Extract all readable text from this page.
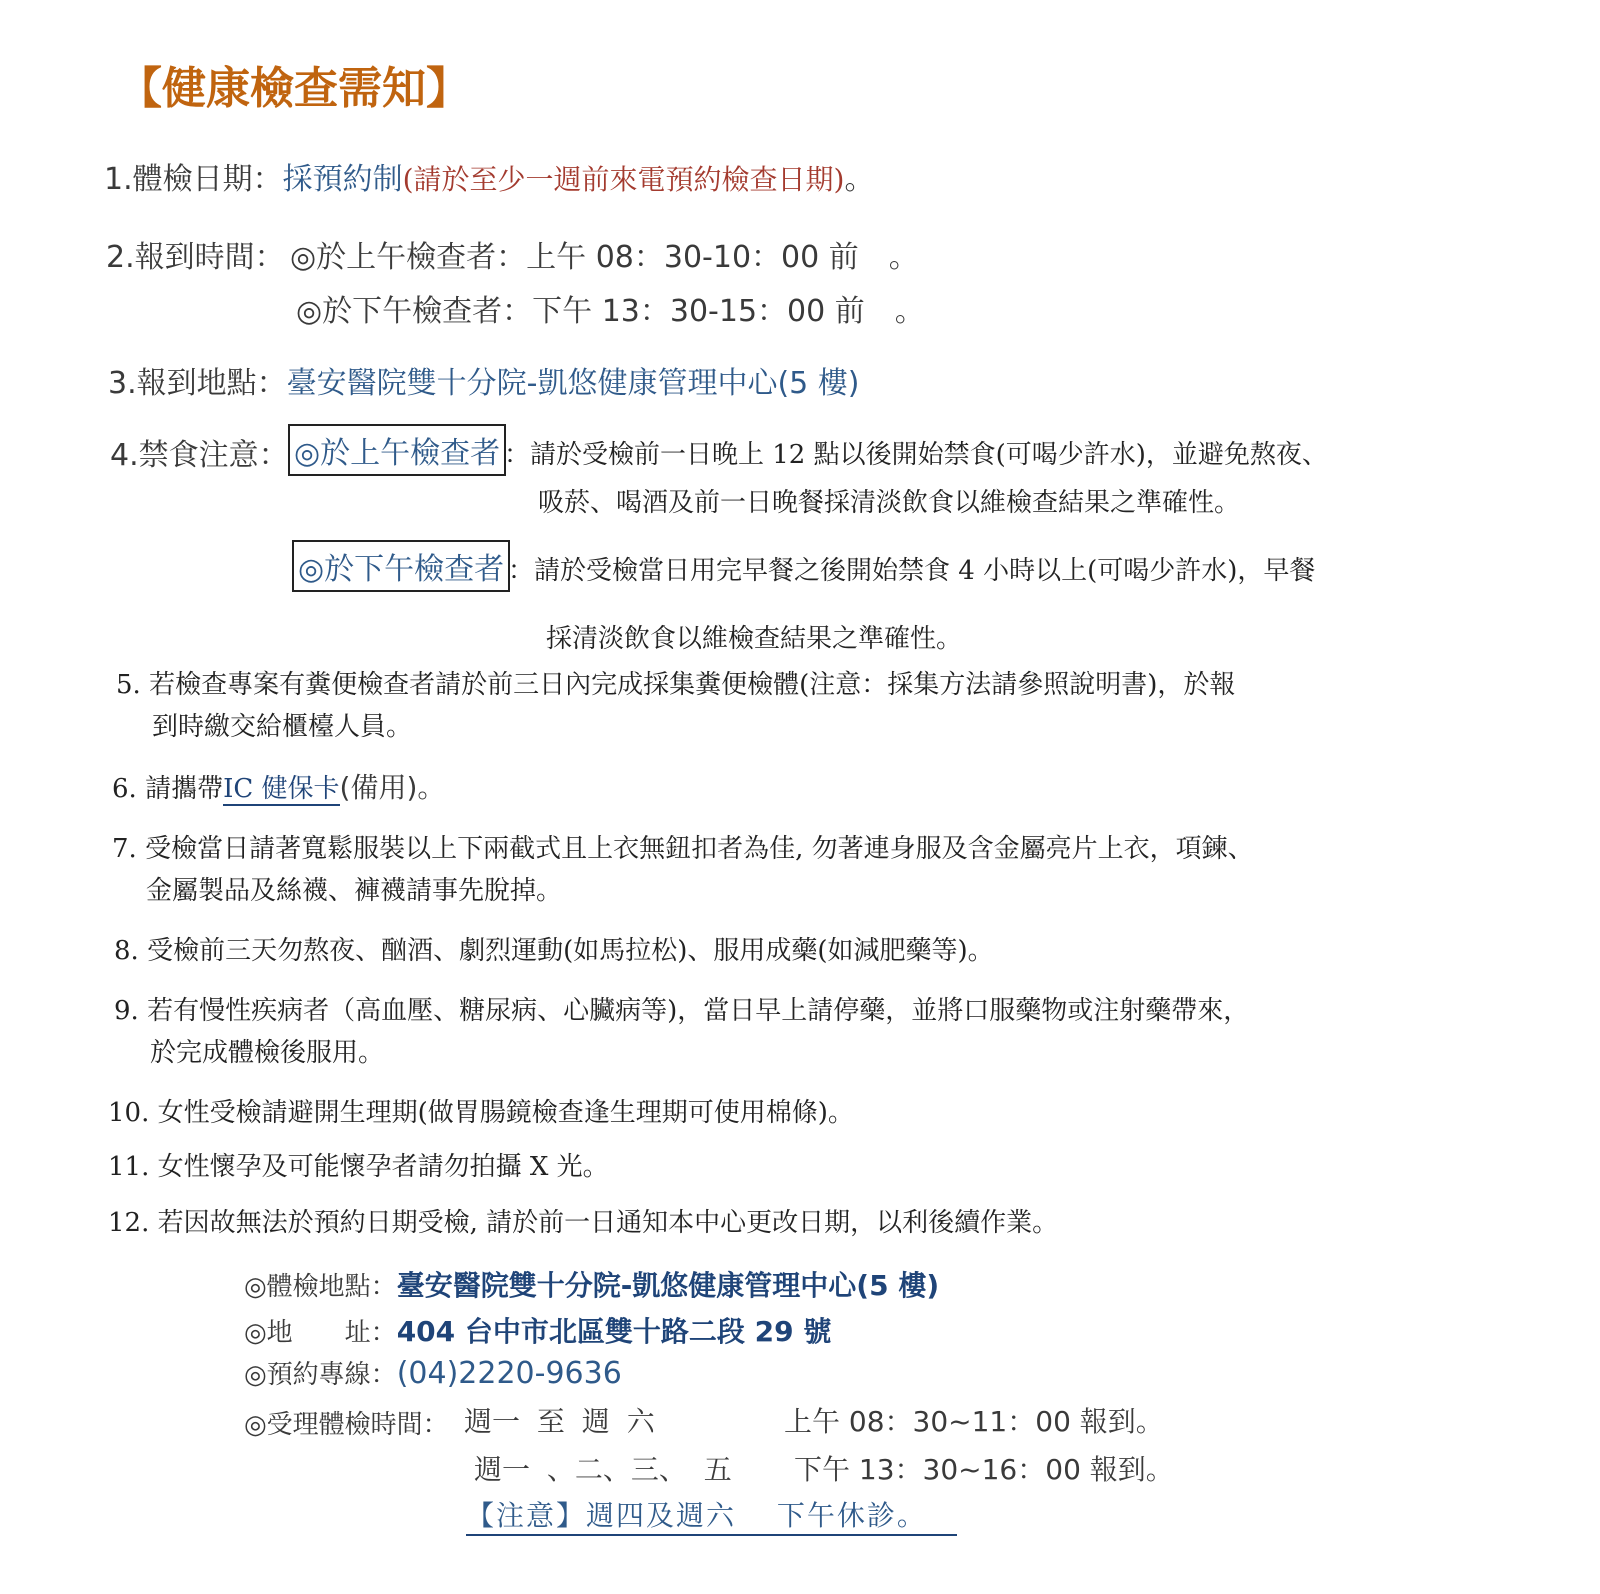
【健康檢查需知】
1.體檢日期：採預約制(請於至少一週前來電預約檢查日期)。
2.報到時間： ◎於上午檢查者：上午 08：30-10：00 前　。
◎於下午檢查者：下午 13：30-15：00 前　。
3.報到地點：臺安醫院雙十分院-凱悠健康管理中心(5 樓)
4.禁食注意： ◎於上午檢查者 ：請於受檢前一日晚上 12 點以後開始禁食(可喝少許水)，並避免熬夜、
吸菸、喝酒及前一日晚餐採清淡飲食以維檢查結果之準確性。
◎於下午檢查者 ：請於受檢當日用完早餐之後開始禁食 4 小時以上(可喝少許水)，早餐
採清淡飲食以維檢查結果之準確性。
5. 若檢查專案有糞便檢查者請於前三日內完成採集糞便檢體(注意：採集方法請參照說明書)，於報
到時繳交給櫃檯人員。
6. 請攜帶IC 健保卡(備用)。
7. 受檢當日請著寬鬆服裝以上下兩截式且上衣無鈕扣者為佳, 勿著連身服及含金屬亮片上衣，項鍊、
金屬製品及絲襪、褲襪請事先脫掉。
8. 受檢前三天勿熬夜、酗酒、劇烈運動(如馬拉松)、服用成藥(如減肥藥等)。
9. 若有慢性疾病者（高血壓、糖尿病、心臟病等)，當日早上請停藥，並將口服藥物或注射藥帶來，
於完成體檢後服用。
10. 女性受檢請避開生理期(做胃腸鏡檢查逢生理期可使用棉條)。
11. 女性懷孕及可能懷孕者請勿拍攝 X 光。
12. 若因故無法於預約日期受檢, 請於前一日通知本中心更改日期，以利後續作業。
◎體檢地點：臺安醫院雙十分院-凱悠健康管理中心(5 樓)
◎地　　址：404 台中市北區雙十路二段 29 號
◎預約專線：(04)2220-9636
◎受理體檢時間： 週一 至 週 六	上午 08：30~11：00 報到。
週一 、二、三、 五 下午 13：30~16：00 報到。
【注意】週四及週六　 下午休診。
